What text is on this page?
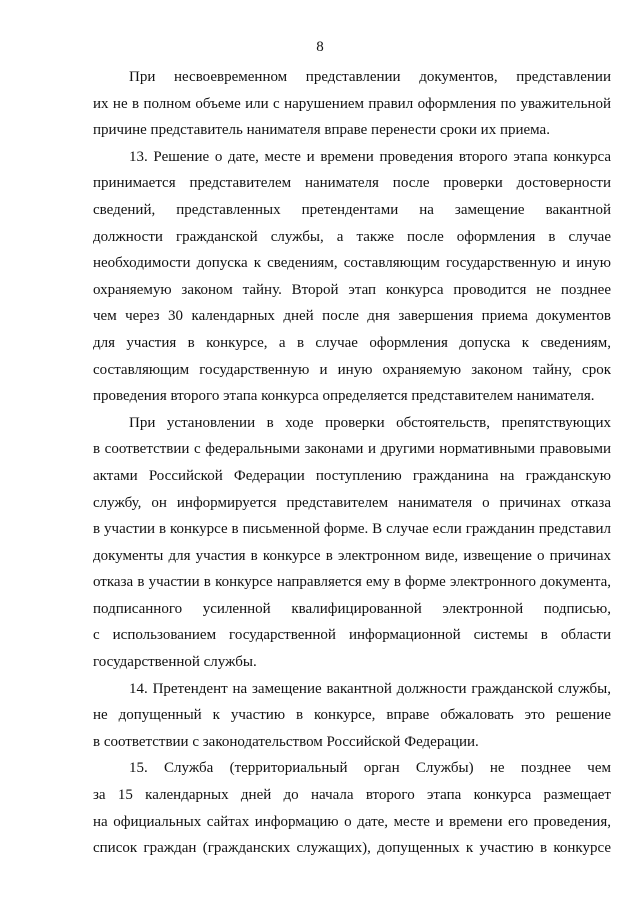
8
При несвоевременном представлении документов, представлении
их не в полном объеме или с нарушением правил оформления по уважительной
причине представитель нанимателя вправе перенести сроки их приема.
13. Решение о дате, месте и времени проведения второго этапа конкурса
принимается представителем нанимателя после проверки достоверности
сведений, представленных претендентами на замещение вакантной
должности гражданской службы, а также после оформления в случае
необходимости допуска к сведениям, составляющим государственную и иную
охраняемую законом тайну. Второй этап конкурса проводится не позднее
чем через 30 календарных дней после дня завершения приема документов
для участия в конкурсе, а в случае оформления допуска к сведениям,
составляющим государственную и иную охраняемую законом тайну, срок
проведения второго этапа конкурса определяется представителем нанимателя.
При установлении в ходе проверки обстоятельств, препятствующих
в соответствии с федеральными законами и другими нормативными правовыми
актами Российской Федерации поступлению гражданина на гражданскую
службу, он информируется представителем нанимателя о причинах отказа
в участии в конкурсе в письменной форме. В случае если гражданин представил
документы для участия в конкурсе в электронном виде, извещение о причинах
отказа в участии в конкурсе направляется ему в форме электронного документа,
подписанного усиленной квалифицированной электронной подписью,
с использованием государственной информационной системы в области
государственной службы.
14. Претендент на замещение вакантной должности гражданской службы,
не допущенный к участию в конкурсе, вправе обжаловать это решение
в соответствии с законодательством Российской Федерации.
15. Служба (территориальный орган Службы) не позднее чем
за 15 календарных дней до начала второго этапа конкурса размещает
на официальных сайтах информацию о дате, месте и времени его проведения,
список граждан (гражданских служащих), допущенных к участию в конкурсе
